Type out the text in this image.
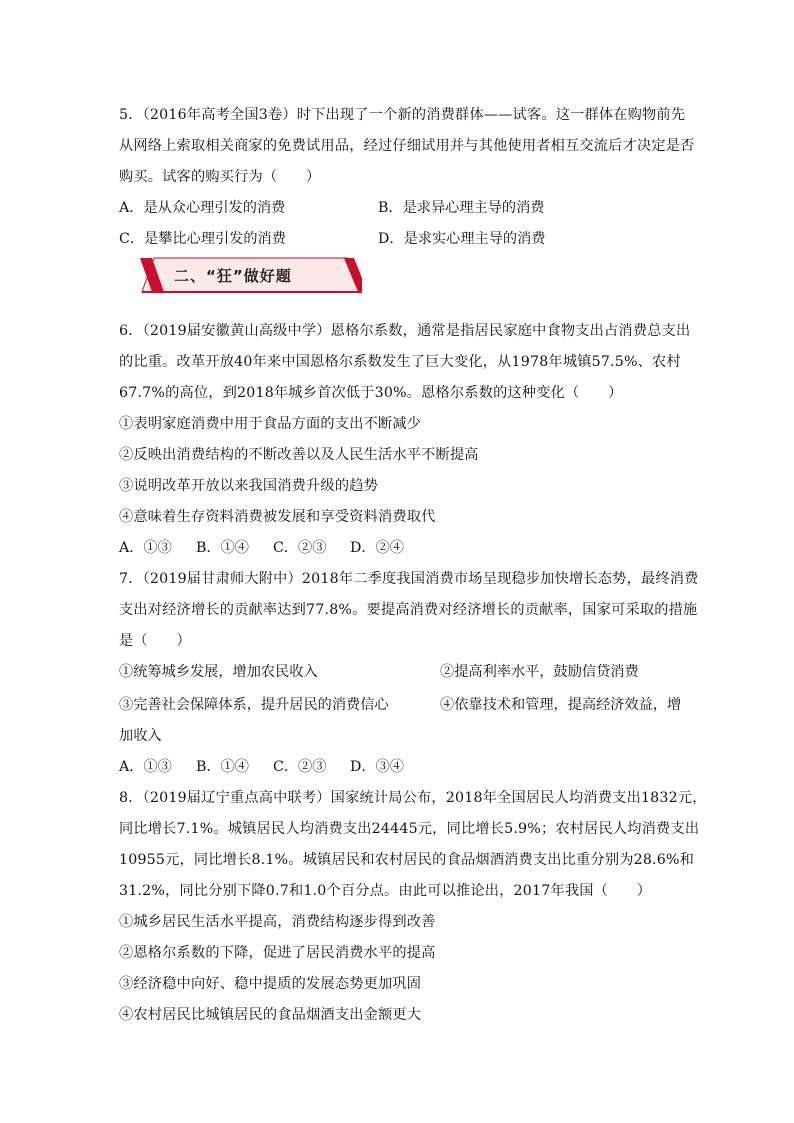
5．（2016年高考全国3卷）时下出现了一个新的消费群体——试客。这一群体在购物前先
从网络上索取相关商家的免费试用品，经过仔细试用并与其他使用者相互交流后才决定是否
购买。试客的购买行为（　　）
A．是从众心理引发的消费	B．是求异心理主导的消费
C．是攀比心理引发的消费	D．是求实心理主导的消费
二、“狂”做好题
6．（2019届安徽黄山高级中学）恩格尔系数，通常是指居民家庭中食物支出占消费总支出
的比重。改革开放40年来中国恩格尔系数发生了巨大变化，从1978年城镇57.5%、农村
67.7%的高位，到2018年城乡首次低于30%。恩格尔系数的这种变化（　　）
①表明家庭消费中用于食品方面的支出不断减少
②反映出消费结构的不断改善以及人民生活水平不断提高
③说明改革开放以来我国消费升级的趋势
④意味着生存资料消费被发展和享受资料消费取代
A．①③ B．①④ C．②③ D．②④
7．（2019届甘肃师大附中）2018年二季度我国消费市场呈现稳步加快增长态势，最终消费
支出对经济增长的贡献率达到77.8%。要提高消费对经济增长的贡献率，国家可采取的措施
是（　　）
①统筹城乡发展，增加农民收入	②提高利率水平，鼓励信贷消费
③完善社会保障体系，提升居民的消费信心	④依靠技术和管理，提高经济效益，增
加收入
A．①③ B．①④ C．②③ D．③④
8．（2019届辽宁重点高中联考）国家统计局公布，2018年全国居民人均消费支出1832元，
同比增长7.1%。城镇居民人均消费支出24445元，同比增长5.9%；农村居民人均消费支出
10955元，同比增长8.1%。城镇居民和农村居民的食品烟酒消费支出比重分别为28.6%和
31.2%，同比分别下降0.7和1.0个百分点。由此可以推论出，2017年我国（　　）
①城乡居民生活水平提高，消费结构逐步得到改善
②恩格尔系数的下降，促进了居民消费水平的提高
③经济稳中向好、稳中提质的发展态势更加巩固
④农村居民比城镇居民的食品烟酒支出金额更大
